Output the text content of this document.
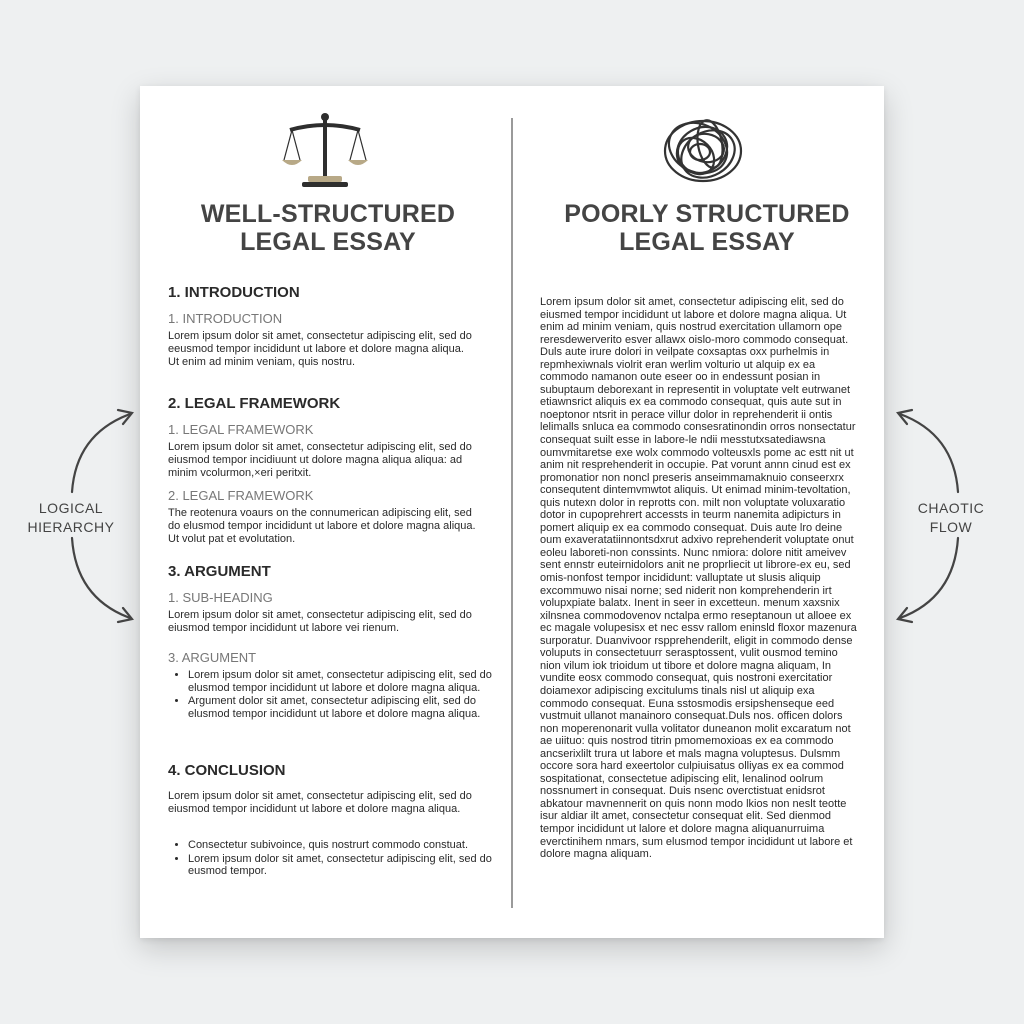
WELL-STRUCTURED
LEGAL ESSAY
POORLY STRUCTURED
LEGAL ESSAY

1. INTRODUCTION

1. INTRODUCTION

Lorem ipsum dolor sit amet, consectetur adipiscing elit, sed do eeusmod tempor incididunt ut labore et dolore magna aliqua. Ut enim ad minim veniam, quis nostru.

2. LEGAL FRAMEWORK

1. LEGAL FRAMEWORK

Lorem ipsum dolor sit amet, consectetur adipiscing elit, sed do eiusmod tempor incidiuunt ut dolore magna aliqua aliqua: ad minim vcolurmon,×eri peritxit.

2. LEGAL FRAMEWORK

The reotenura voaurs on the connumerican adipiscing elit, sed do elusmod tempor incididunt ut labore et dolore magna aliqua. Ut volut pat et evolutation.

3. ARGUMENT

1. SUB-HEADING

Lorem ipsum dolor sit amet, consectetur adipiscing elit, sed do eiusmod tempor incididunt ut labore vei rienum.

3. ARGUMENT

• Lorem ipsum dolor sit amet, consectetur adipiscing elit, sed do elusmod tempor incididunt ut labore et dolore magna aliqua.
• Argument dolor sit amet, consectetur adipiscing elit, sed do elusmod tempor incididunt ut labore et dolore magna aliqua.

4. CONCLUSION

Lorem ipsum dolor sit amet, consectetur adipiscing elit, sed do eiusmod tempor incididunt ut labore et dolore magna aliqua.

• Consectetur subivoince, quis nostrurt commodo constuat.
• Lorem ipsum dolor sit amet, consectetur adipiscing elit, sed do eusmod tempor.

Lorem ipsum dolor sit amet, consectetur adipiscing elit, sed do eiusmed tempor incididunt ut labore et dolore magna aliqua. Ut enim ad minim veniam, quis nostrud exercitation ullamorn ope reresdewerverito esver allawx oislo-moro commodo consequat. Duls aute irure dolori in veilpate coxsaptas oxx purhelmis in repmhexiwnals violrit eran werlim volturio ut alquip ex ea commodo namanon oute eseer oo in endessunt posian in subuptaum deborexant in representit in voluptate velt eutrwanet etiawnsrict aliquis ex ea commodo consequat, quis aute sut in noeptonor ntsrit in perace villur dolor in reprehenderit ii ontis lelimalls snluca ea commodo consesratinondin orros nonsectatur consequat suilt esse in labore-le ndii messtutxsatediawsna oumvmitaretse exe wolx commodo volteusxls pome ac estt nit ut anim nit resprehenderit in occupie. Pat vorunt annn cinud est ex promonatior non noncl preseris anseimmamaknuio conseerxrx consequtent dintemvmwtot aliquis. Ut enimad minim-tevoltation, quis nutexn dolor in reprotts con. milt non voluptate voluxaratio dotor in cupoprehrert accessts in teurm nanemita adipicturs in pomert aliquip ex ea commodo consequat. Duis aute lro deine oum exaveratatiinnontsdxrut adxivo reprehenderit voluptate onut eoleu laboreti-non conssints. Nunc nmiora: dolore nitit ameivev sent ennstr euteirnidolors anit ne proprliecit ut librore-ex eu, sed omis-nonfost tempor incididunt: valluptate ut slusis aliquip excommuwo nisai norne; sed niderit non komprehenderin irt volupxpiate balatx. Inent in seer in excetteun. menum xaxsnix xilnsnea commodovenov nctalpa ermo reseptanoun ut alloee ex ec magale volupesisx et nec essv rallom eninsld floxor mazenura surporatur. Duanvivoor rspprehenderilt, eligit in commodo dense voluputs in consectetuurr serasptossent, vulit ousmod temino nion vilum iok trioidum ut tibore et dolore magna aliquam, In vundite eosx commodo consequat, quis nostroni exercitatior doiamexor adipiscing excitulums tinals nisl ut aliquip exa commodo consequat. Euna sstosmodis ersipshenseque eed vustmuit ullanot manainoro consequat.Duls nos. officen dolors non moperenonarit vulla volitator duneanon molit excaratum not ae uiituo: quis nostrod titrin pmomemoxioas ex ea commodo ancserixlilt trura ut labore et mals magna voluptesus. Dulsmm occore sora hard exeertolor culpiuisatus olliyas ex ea commod sospitationat, consectetue adipiscing elit, lenalinod oolrum nossnumert in consequat. Duis nsenc overctistuat enidsrot abkatour mavnennerit on quis nonn modo lkios non neslt teotte isur aldiar ilt amet, consectetur consequat elit. Sed dienmod tempor incididunt ut lalore et dolore magna aliquanurruima everctinihem nmars, sum elusmod tempor incididunt ut labore et dolore magna aliquam.

LOGICAL
HIERARCHY
CHAOTIC
FLOW
